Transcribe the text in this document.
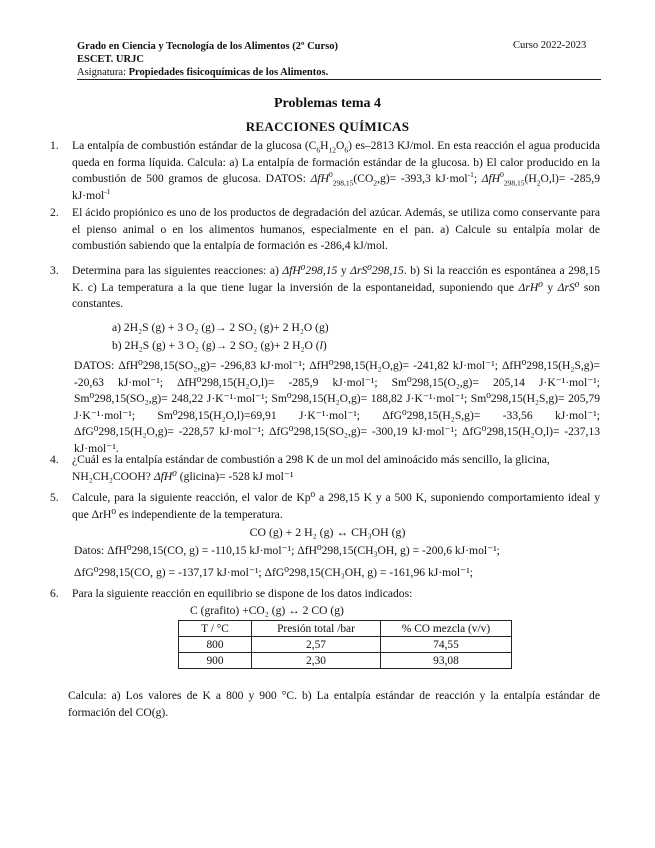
Grado en Ciencia y Tecnología de los Alimentos (2º Curso)
ESCET. URJC
Asignatura: Propiedades fisicoquímicas de los Alimentos.
Curso 2022-2023
Problemas tema 4
REACCIONES QUÍMICAS
1. La entalpía de combustión estándar de la glucosa $(C_6H_{12}O_6)$ es–2813 KJ/mol. En esta reacción el agua producida queda en forma líquida. Calcula: a) La entalpía de formación estándar de la glucosa. b) El calor producido en la combustión de 500 gramos de glucosa. DATOS: $\Delta fH^0_{298,15}(CO_2,g)= -393,3$ kJ·mol$^{-1}$; $\Delta fH^0_{298,15}(H_2O,l)= -285,9$ kJ·mol$^{-1}$
2. El ácido propiónico es uno de los productos de degradación del azúcar. Además, se utiliza como conservante para el pienso animal o en los alimentos humanos, especialmente en el pan. a) Calcule su entalpía molar de combustión sabiendo que la entalpía de formación es -286,4 kJ/mol.
3. Determina para las siguientes reacciones: a) ΔfH⁰298,15 y ΔrS⁰298,15. b) Si la reacción es espontánea a 298,15 K. c) La temperatura a la que tiene lugar la inversión de la espontaneidad, suponiendo que ΔrH⁰ y ΔrS⁰ son constantes.
a) 2H₂S (g) + 3 O₂ (g)→ 2 SO₂ (g)+ 2 H₂O (g)
b) 2H₂S (g) + 3 O₂ (g)→ 2 SO₂ (g)+ 2 H₂O (l)
DATOS: ΔfH⁰298,15(SO₂,g)= -296,83 kJ·mol⁻¹; ΔfH⁰298,15(H₂O,g)= -241,82 kJ·mol⁻¹; ΔfH⁰298,15(H₂S,g)= -20,63 kJ·mol⁻¹; ΔfH⁰298,15(H₂O,l)= -285,9 kJ·mol⁻¹; Sm⁰298,15(O₂,g)= 205,14 J·K⁻¹·mol⁻¹; Sm⁰298,15(SO₂,g)= 248,22 J·K⁻¹·mol⁻¹; Sm⁰298,15(H₂O,g)= 188,82 J·K⁻¹·mol⁻¹; Sm⁰298,15(H₂S,g)= 205,79 J·K⁻¹·mol⁻¹; Sm⁰298,15(H₂O,l)=69,91 J·K⁻¹·mol⁻¹; ΔfG⁰298,15(H₂S,g)= -33,56 kJ·mol⁻¹; ΔfG⁰298,15(H₂O,g)= -228,57 kJ·mol⁻¹; ΔfG⁰298,15(SO₂,g)= -300,19 kJ·mol⁻¹; ΔfG⁰298,15(H₂O,l)= -237,13 kJ·mol⁻¹.
4. ¿Cuál es la entalpía estándar de combustión a 298 K de un mol del aminoácido más sencillo, la glicina,
NH₂CH₂COOH? ΔfH⁰ (glicina)= -528 kJ mol⁻¹
5. Calcule, para la siguiente reacción, el valor de Kp⁰ a 298,15 K y a 500 K, suponiendo comportamiento ideal y que ΔrH⁰ es independiente de la temperatura.
CO (g) + 2 H₂ (g) ↔ CH₃OH (g)
Datos: ΔfH⁰298,15(CO, g) = -110,15 kJ·mol⁻¹; ΔfH⁰298,15(CH₃OH, g) = -200,6 kJ·mol⁻¹;
ΔfG⁰298,15(CO, g) = -137,17 kJ·mol⁻¹; ΔfG⁰298,15(CH₃OH, g) = -161,96 kJ·mol⁻¹;
6. Para la siguiente reacción en equilibrio se dispone de los datos indicados:
C (grafito) +CO₂ (g) ↔ 2 CO (g)
T / °C	Presión total /bar	% CO mezcla (v/v)
800	2,57	74,55
900	2,30	93,08
Calcula: a) Los valores de K a 800 y 900 °C. b) La entalpía estándar de reacción y la entalpía estándar de formación del CO(g).
